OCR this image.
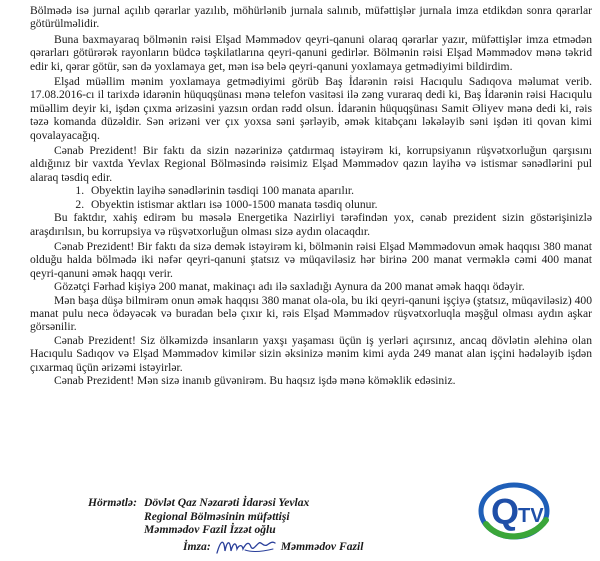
Bölmədə isə jurnal açılıb qərarlar yazılıb, möhürlənib jurnala salınıb, müfəttişlər jurnala imza etdikdən sonra qərarlar götürülməlidir.

Buna baxmayaraq bölmənin rəisi Elşad Məmmədov qeyri-qanuni olaraq qərarlar yazır, müfəttişlər imza etmədən qərarları götürərək rayonların büdcə təşkilatlarına qeyri-qanuni gedirlər. Bölmənin rəisi Elşad Məmmədov mənə təkrid edir ki, qərar götür, sən də yoxlamaya get, mən isə belə qeyri-qanuni yoxlamaya getmədiyimi bildirdim.

Elşad müəllim mənim yoxlamaya getmədiyimi görüb Baş İdarənin rəisi Hacıqulu Sadıqova məlumat verib. 17.08.2016-cı il tarixdə idarənin hüquqşünası mənə telefon vasitəsi ilə zəng vuraraq dedi ki, Baş İdarənin rəisi Hacıqulu müəllim deyir ki, işdən çıxma ərizəsini yazsın ordan rədd olsun. İdarənin hüquqşünası Samit Əliyev mənə dedi ki, rəis təzə komanda düzəldir. Sən ərizəni ver çıx yoxsa səni şərləyib, əmək kitabçanı ləkələyib səni işdən iti qovan kimi qovalayacağıq.

Cənab Prezident! Bir faktı da sizin nəzərinizə çatdırmaq istəyirəm ki, korrupsiyanın rüşvətxorluğun qarşısını aldığınız bir vaxtda Yevlax Regional Bölməsində rəisimiz Elşad Məmmədov qazın layihə və istismar sənədlərini pul alaraq təsdiq edir.

1. Obyektin layihə sənədlərinin təsdiqi 100 manata aparılır.
2. Obyektin istismar aktları isə 1000-1500 manata təsdiq olunur.

Bu faktdır, xahiş edirəm bu məsələ Energetika Nazirliyi tərəfindən yox, cənab prezident sizin göstərişinizlə araşdırılsın, bu korrupsiya və rüşvətxorluğun olması sizə aydın olacaqdır.

Cənab Prezident! Bir faktı da sizə demək istəyirəm ki, bölmənin rəisi Elşad Məmmədovun əmək haqqısı 380 manat olduğu halda bölmədə iki nəfər qeyri-qanuni ştatsız və müqaviləsiz hər birinə 200 manat verməklə cəmi 400 manat qeyri-qanuni əmək haqqı verir.

Gözətçi Fərhad kişiyə 200 manat, makinaçı adı ilə saxladığı Aynura da 200 manat əmək haqqı ödəyir.

Mən başa düşə bilmirəm onun əmək haqqısı 380 manat ola-ola, bu iki qeyri-qanuni işçiyə (ştatsız, müqaviləsiz) 400 manat pulu necə ödəyəcək və buradan belə çıxır ki, rəis Elşad Məmmədov rüşvətxorluqla məşğul olması aydın aşkar görsənilir.

Cənab Prezident! Siz ölkəmizdə insanların yaxşı yaşaması üçün iş yerləri açırsınız, ancaq dövlətin əlehinə olan Hacıqulu Sadıqov və Elşad Məmmədov kimilər sizin əksinizə mənim kimi ayda 249 manat alan işçini hədələyib işdən çıxarmaq üçün ərizəmi istəyirlər.

Cənab Prezident! Mən sizə inanıb güvənirəm. Bu haqsız işdə mənə köməklik edəsiniz.

Hörmətlə: Dövlət Qaz Nəzarəti İdarəsi Yevlax
Regional Bölməsinin müfəttişi
Məmmədov Fazil İzzət oğlu
İmza:	Məmmədov Fazil
Q
TV
